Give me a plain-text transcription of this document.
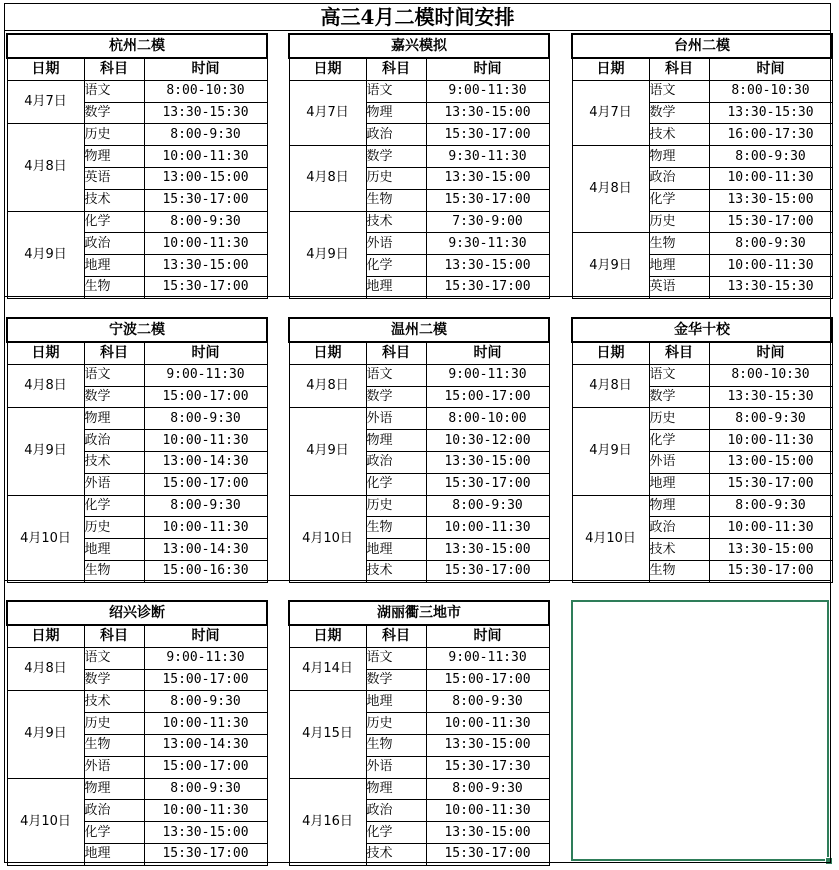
高三4月二模时间安排
杭州二模		
日期	科目	时间
4月7日	语文	8:00-10:30
	数学	13:30-15:30
4月8日	历史	8:00-9:30
	物理	10:00-11:30
	英语	13:00-15:00
	技术	15:30-17:00
4月9日	化学	8:00-9:30
	政治	10:00-11:30
	地理	13:30-15:00
	生物	15:30-17:00
嘉兴模拟		
日期	科目	时间
4月7日	语文	9:00-11:30
	物理	13:30-15:00
	政治	15:30-17:00
4月8日	数学	9:30-11:30
	历史	13:30-15:00
	生物	15:30-17:00
4月9日	技术	7:30-9:00
	外语	9:30-11:30
	化学	13:30-15:00
	地理	15:30-17:00
台州二模		
日期	科目	时间
4月7日	语文	8:00-10:30
	数学	13:30-15:30
	技术	16:00-17:30
4月8日	物理	8:00-9:30
	政治	10:00-11:30
	化学	13:30-15:00
	历史	15:30-17:00
4月9日	生物	8:00-9:30
	地理	10:00-11:30
	英语	13:30-15:30
宁波二模		
日期	科目	时间
4月8日	语文	9:00-11:30
	数学	15:00-17:00
4月9日	物理	8:00-9:30
	政治	10:00-11:30
	技术	13:00-14:30
	外语	15:00-17:00
4月10日	化学	8:00-9:30
	历史	10:00-11:30
	地理	13:00-14:30
	生物	15:00-16:30
温州二模		
日期	科目	时间
4月8日	语文	9:00-11:30
	数学	15:00-17:00
4月9日	外语	8:00-10:00
	物理	10:30-12:00
	政治	13:30-15:00
	化学	15:30-17:00
4月10日	历史	8:00-9:30
	生物	10:00-11:30
	地理	13:30-15:00
	技术	15:30-17:00
金华十校		
日期	科目	时间
4月8日	语文	8:00-10:30
	数学	13:30-15:30
4月9日	历史	8:00-9:30
	化学	10:00-11:30
	外语	13:00-15:00
	地理	15:30-17:00
4月10日	物理	8:00-9:30
	政治	10:00-11:30
	技术	13:30-15:00
	生物	15:30-17:00
绍兴诊断		
日期	科目	时间
4月8日	语文	9:00-11:30
	数学	15:00-17:00
4月9日	技术	8:00-9:30
	历史	10:00-11:30
	生物	13:00-14:30
	外语	15:00-17:00
4月10日	物理	8:00-9:30
	政治	10:00-11:30
	化学	13:30-15:00
	地理	15:30-17:00
湖丽衢三地市		
日期	科目	时间
4月14日	语文	9:00-11:30
	数学	15:00-17:00
4月15日	地理	8:00-9:30
	历史	10:00-11:30
	生物	13:30-15:00
	外语	15:30-17:30
4月16日	物理	8:00-9:30
	政治	10:00-11:30
	化学	13:30-15:00
	技术	15:30-17:00
